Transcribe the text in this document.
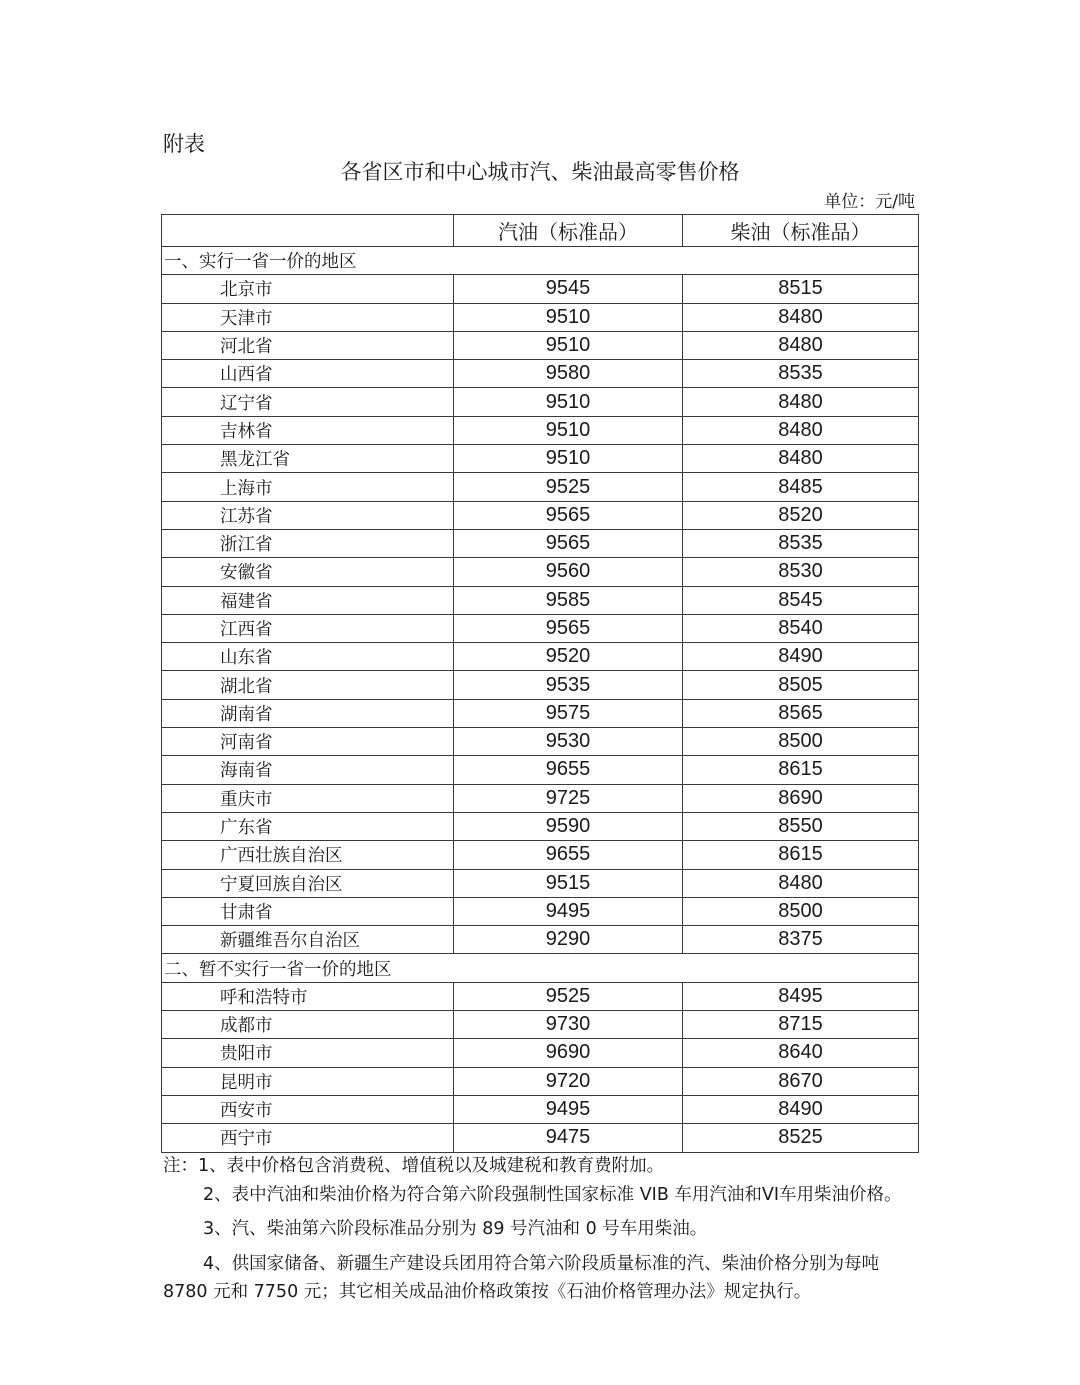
附表
各省区市和中心城市汽、柴油最高零售价格
单位：元/吨
	汽油（标准品）	柴油（标准品）
一、实行一省一价的地区		
北京市	9545	8515
天津市	9510	8480
河北省	9510	8480
山西省	9580	8535
辽宁省	9510	8480
吉林省	9510	8480
黑龙江省	9510	8480
上海市	9525	8485
江苏省	9565	8520
浙江省	9565	8535
安徽省	9560	8530
福建省	9585	8545
江西省	9565	8540
山东省	9520	8490
湖北省	9535	8505
湖南省	9575	8565
河南省	9530	8500
海南省	9655	8615
重庆市	9725	8690
广东省	9590	8550
广西壮族自治区	9655	8615
宁夏回族自治区	9515	8480
甘肃省	9495	8500
新疆维吾尔自治区	9290	8375
二、暂不实行一省一价的地区		
呼和浩特市	9525	8495
成都市	9730	8715
贵阳市	9690	8640
昆明市	9720	8670
西安市	9495	8490
西宁市	9475	8525

注：1、表中价格包含消费税、增值税以及城建税和教育费附加。

2、表中汽油和柴油价格为符合第六阶段强制性国家标准 VIB 车用汽油和VI车用柴油价格。

3、汽、柴油第六阶段标准品分别为 89 号汽油和 0 号车用柴油。

4、供国家储备、新疆生产建设兵团用符合第六阶段质量标准的汽、柴油价格分别为每吨 8780 元和 7750 元；其它相关成品油价格政策按《石油价格管理办法》规定执行。
